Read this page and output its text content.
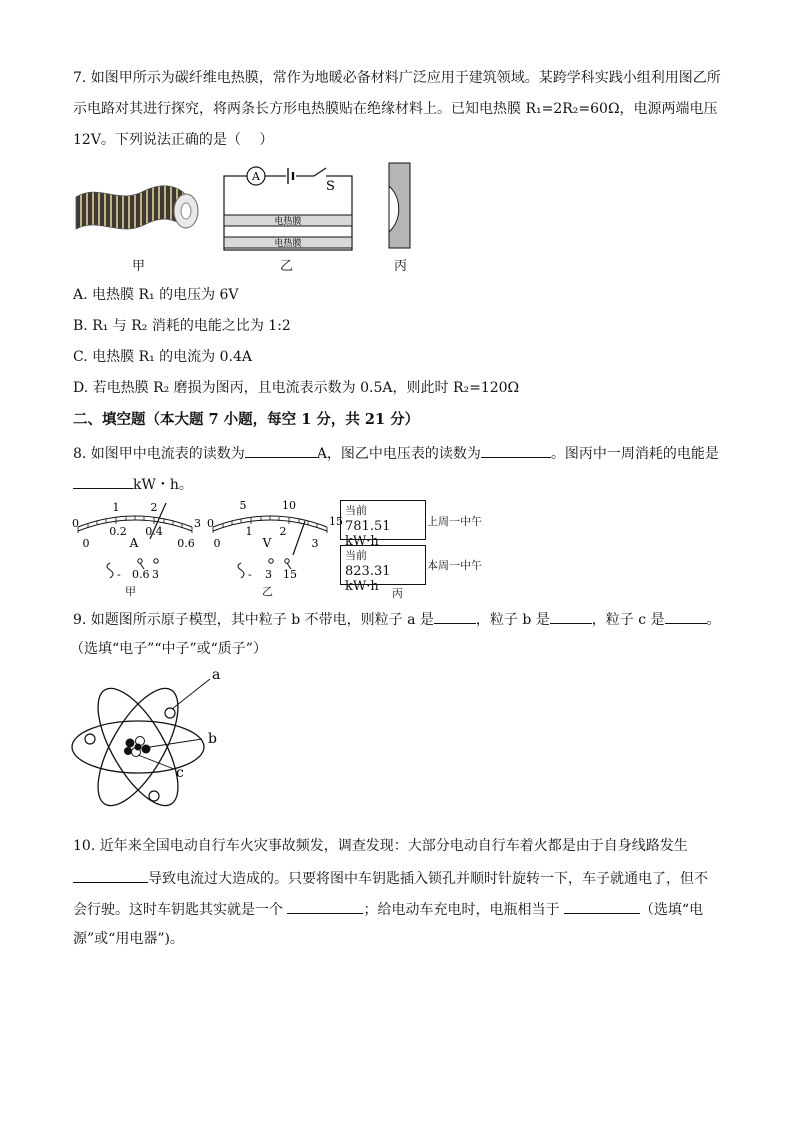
7. 如图甲所示为碳纤维电热膜，常作为地暖必备材料广泛应用于建筑领域。某跨学科实践小组利用图乙所
示电路对其进行探究，将两条长方形电热膜贴在绝缘材料上。已知电热膜 R₁=2R₂=60Ω，电源两端电压
12V。下列说法正确的是（　 ）
甲
A
S
电热膜
电热膜
乙	丙
A. 电热膜 R₁ 的电压为 6V
B. R₁ 与 R₂ 消耗的电能之比为 1:2
C. 电热膜 R₁ 的电流为 0.4A
D. 若电热膜 R₂ 磨损为图丙，且电流表示数为 0.5A，则此时 R₂=120Ω
二、填空题（本大题 7 小题，每空 1 分，共 21 分）
8. 如图甲中电流表的读数为	A，图乙中电压表的读数为	。图丙中一周消耗的电能是
kW・h。
0
1	2
3
0
0.2 0.4
0.6
A
- 0.6 3
甲
0
5	10
15
0
1 2
3
V
- 3 15
乙
当前
781.51 kW·h
上周一中午
当前
823.31 kW·h
本周一中午
丙
9. 如题图所示原子模型，其中粒子 b 不带电，则粒子 a 是	，粒子 b 是	，粒子 c 是	。
（选填“电子”“中子”或“质子”）
a
b
c
10. 近年来全国电动自行车火灾事故频发，调查发现：大部分电动自行车着火都是由于自身线路发生
导致电流过大造成的。只要将图中车钥匙插入锁孔并顺时针旋转一下，车子就通电了，但不
会行驶。这时车钥匙其实就是一个	；给电动车充电时，电瓶相当于	（选填“电
源”或“用电器”)。
